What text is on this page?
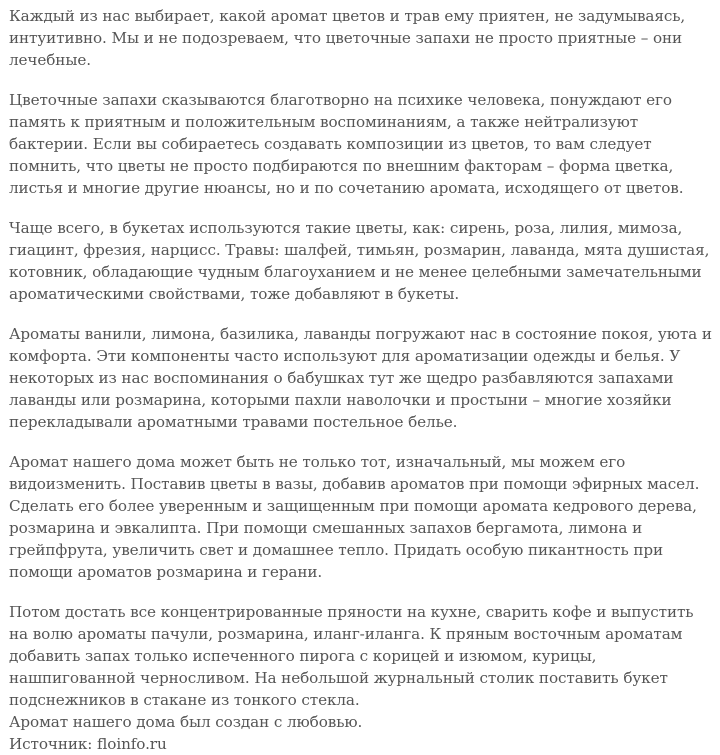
Каждый из нас выбирает, какой аромат цветов и трав ему приятен, не задумываясь, интуитивно. Мы и не подозреваем, что цветочные запахи не просто приятные – они лечебные.

Цветочные запахи сказываются благотворно на психике человека, понуждают его память к приятным и положительным воспоминаниям, а также нейтрализуют бактерии. Если вы собираетесь создавать композиции из цветов, то вам следует помнить, что цветы не просто подбираются по внешним факторам – форма цветка, листья и многие другие нюансы, но и по сочетанию аромата, исходящего от цветов.

Чаще всего, в букетах используются такие цветы, как: сирень, роза, лилия, мимоза, гиацинт, фрезия, нарцисс. Травы: шалфей, тимьян, розмарин, лаванда, мята душистая, котовник, обладающие чудным благоуханием и не менее целебными замечательными ароматическими свойствами, тоже добавляют в букеты.

Ароматы ванили, лимона, базилика, лаванды погружают нас в состояние покоя, уюта и комфорта. Эти компоненты часто используют для ароматизации одежды и белья. У некоторых из нас воспоминания о бабушках тут же щедро разбавляются запахами лаванды или розмарина, которыми пахли наволочки и простыни – многие хозяйки перекладывали ароматными травами постельное белье.

Аромат нашего дома может быть не только тот, изначальный, мы можем его видоизменить. Поставив цветы в вазы, добавив ароматов при помощи эфирных масел. Сделать его более уверенным и защищенным при помощи аромата кедрового дерева, розмарина и эвкалипта. При помощи смешанных запахов бергамота, лимона и грейпфрута, увеличить свет и домашнее тепло. Придать особую пикантность при помощи ароматов розмарина и герани.

Потом достать все концентрированные пряности на кухне, сварить кофе и выпустить на волю ароматы пачули, розмарина, иланг-иланга. К пряным восточным ароматам добавить запах только испеченного пирога с корицей и изюмом, курицы, нашпигованной черносливом. На небольшой журнальный столик поставить букет подснежников в стакане из тонкого стекла.

Аромат нашего дома был создан с любовью.

Источник: floinfo.ru
